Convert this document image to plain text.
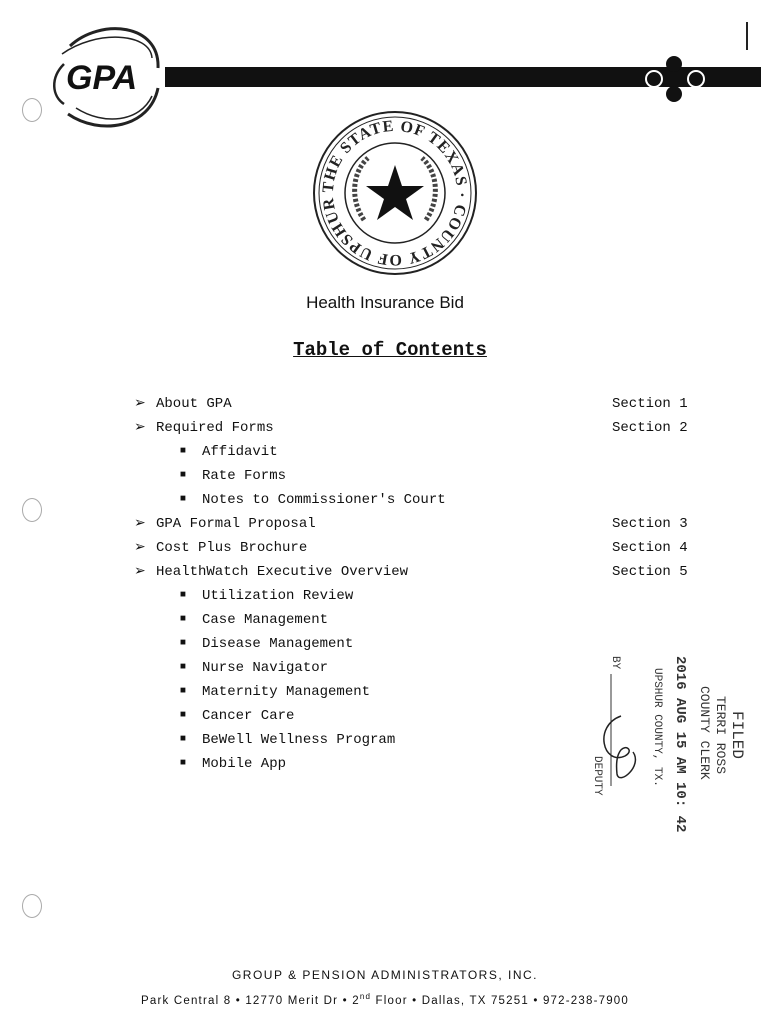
GPA
THE STATE OF TEXAS · COUNTY OF UPSHUR
Health Insurance Bid
Table of Contents
➢ About GPA	Section 1
➢ Required Forms	Section 2
■	Affidavit
■	Rate Forms
■	Notes to Commissioner's Court
➢ GPA Formal Proposal	Section 3
➢ Cost Plus Brochure	Section 4
➢ HealthWatch Executive Overview	Section 5
■	Utilization Review
■	Case Management
■	Disease Management
■	Nurse Navigator
■	Maternity Management
■	Cancer Care
■	BeWell Wellness Program
■	Mobile App
FILED
TERRI ROSS
COUNTY CLERK
2016 AUG 15 AM 10: 42
UPSHUR COUNTY, TX.
BY
DEPUTY
GROUP & PENSION ADMINISTRATORS, INC.
Park Central 8 • 12770 Merit Dr • 2nd Floor • Dallas, TX 75251 • 972-238-7900
